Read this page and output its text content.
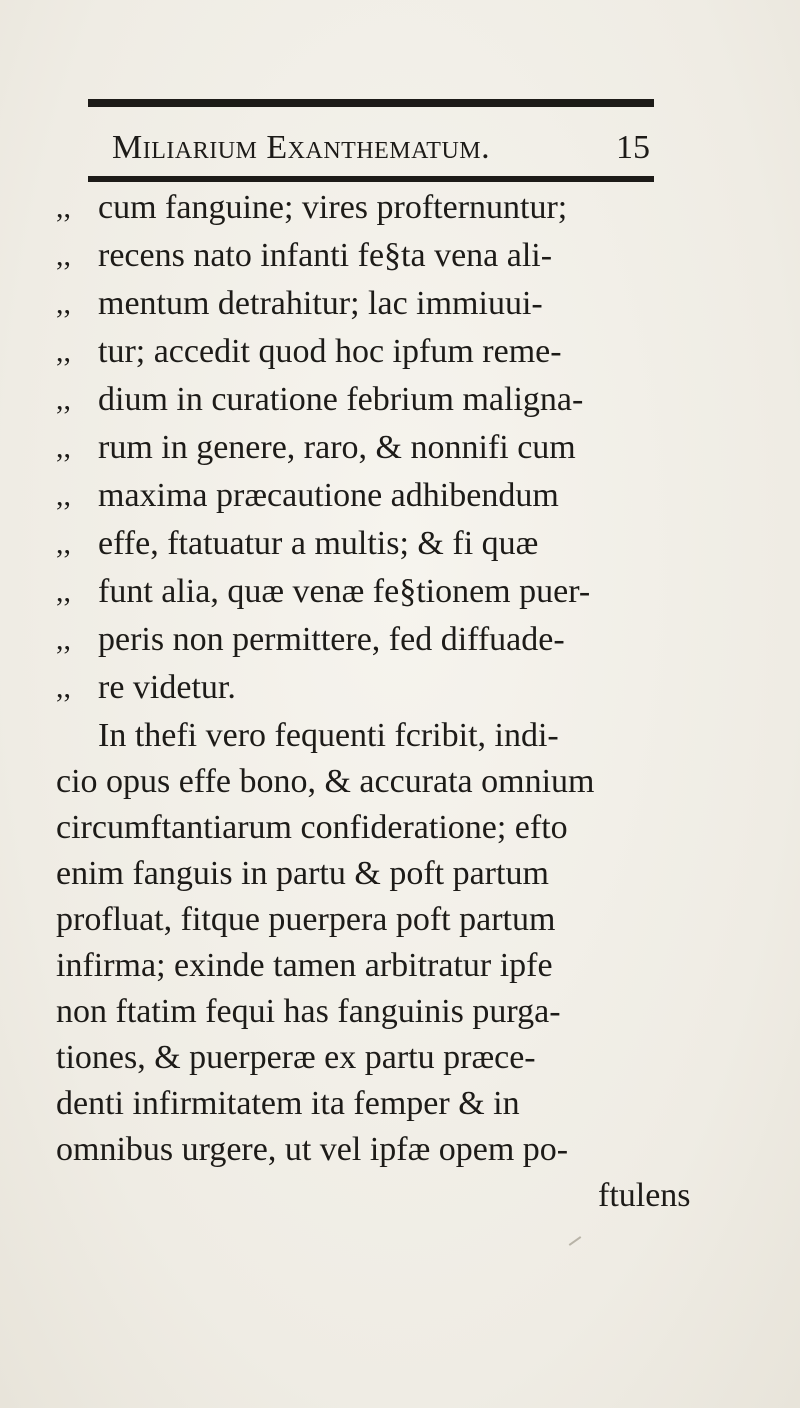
Miliarium Exanthematum.	15
,, cum fanguine; vires profternuntur;
,, recens nato infanti fe§ta vena ali-
,, mentum detrahitur; lac immiuui-
,, tur; accedit quod hoc ipfum reme-
,, dium in curatione febrium maligna-
,, rum in genere, raro, & nonnifi cum
,, maxima præcautione adhibendum
,, effe, ftatuatur a multis; & fi quæ
,, funt alia, quæ venæ fe§tionem puer-
,, peris non permittere, fed diffuade-
,, re videtur.
In thefi vero fequenti fcribit, indi-
cio opus effe bono, & accurata omnium
circumftantiarum confideratione; efto
enim fanguis in partu & poft partum
profluat, fitque puerpera poft partum
infirma; exinde tamen arbitratur ipfe
non ftatim fequi has fanguinis purga-
tiones, & puerperæ ex partu præce-
denti infirmitatem ita femper & in
omnibus urgere, ut vel ipfæ opem po-
ftulens
